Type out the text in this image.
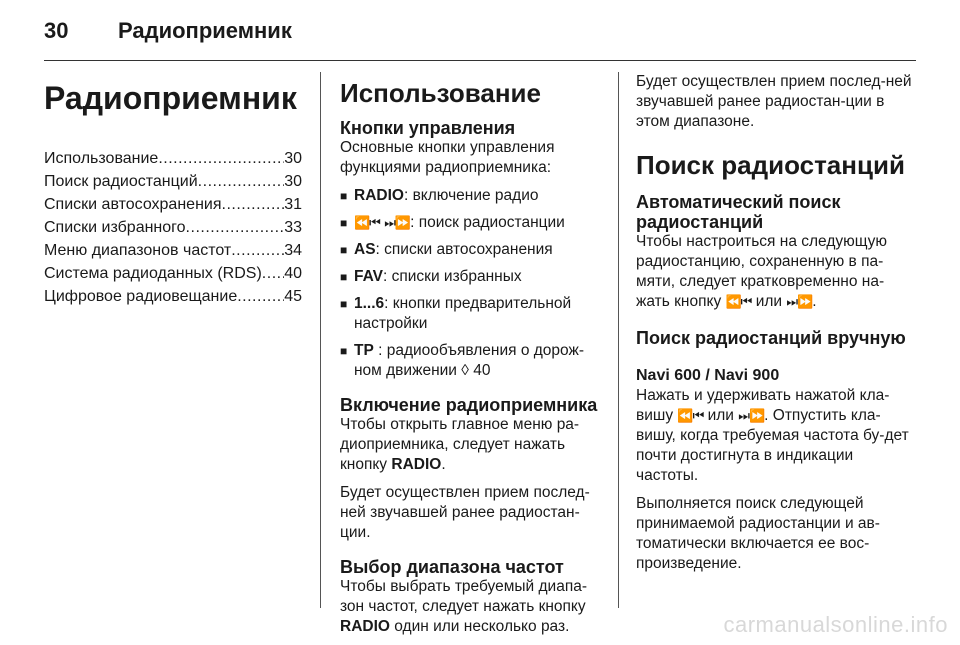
30 Радиоприемник
Радиоприемник
Использование .....	30
Поиск радиостанций .....	30
Списки автосохранения .....	31
Списки избранного .....	33
Меню диапазонов частот .....	34
Система радиоданных (RDS) ..... 40
Цифровое радиовещание .....	45
Использование
Кнопки управления

Основные кнопки управления функциями радиоприемника:

■ RADIO: включение радио
■ ⏪⏮ ⏭⏩: поиск радиостанции
■ AS: списки автосохранения
■ FAV: списки избранных
■ 1...6: кнопки предварительной настройки
■ TP : радиообъявления о дорож-ном движении ◊ 40
Включение радиоприемника

Чтобы открыть главное меню ра-диоприемника, следует нажать кнопку RADIO.

Будет осуществлен прием послед-ней звучавшей ранее радиостан-ции.

Выбор диапазона частот

Чтобы выбрать требуемый диапа-зон частот, следует нажать кнопку RADIO один или несколько раз.

Будет осуществлен прием послед-ней звучавшей ранее радиостан-ции в этом диапазоне.

Поиск радиостанций
Автоматический поиск радиостанций

Чтобы настроиться на следующую радиостанцию, сохраненную в па-мяти, следует кратковременно на-жать кнопку ⏪⏮ или ⏭⏩.

Поиск радиостанций вручную
Navi 600 / Navi 900

Нажать и удерживать нажатой кла-вишу ⏪⏮ или ⏭⏩. Отпустить кла-вишу, когда требуемая частота бу-дет почти достигнута в индикации частоты.

Выполняется поиск следующей принимаемой радиостанции и ав-томатически включается ее вос-произведение.

carmanualsonline.info
